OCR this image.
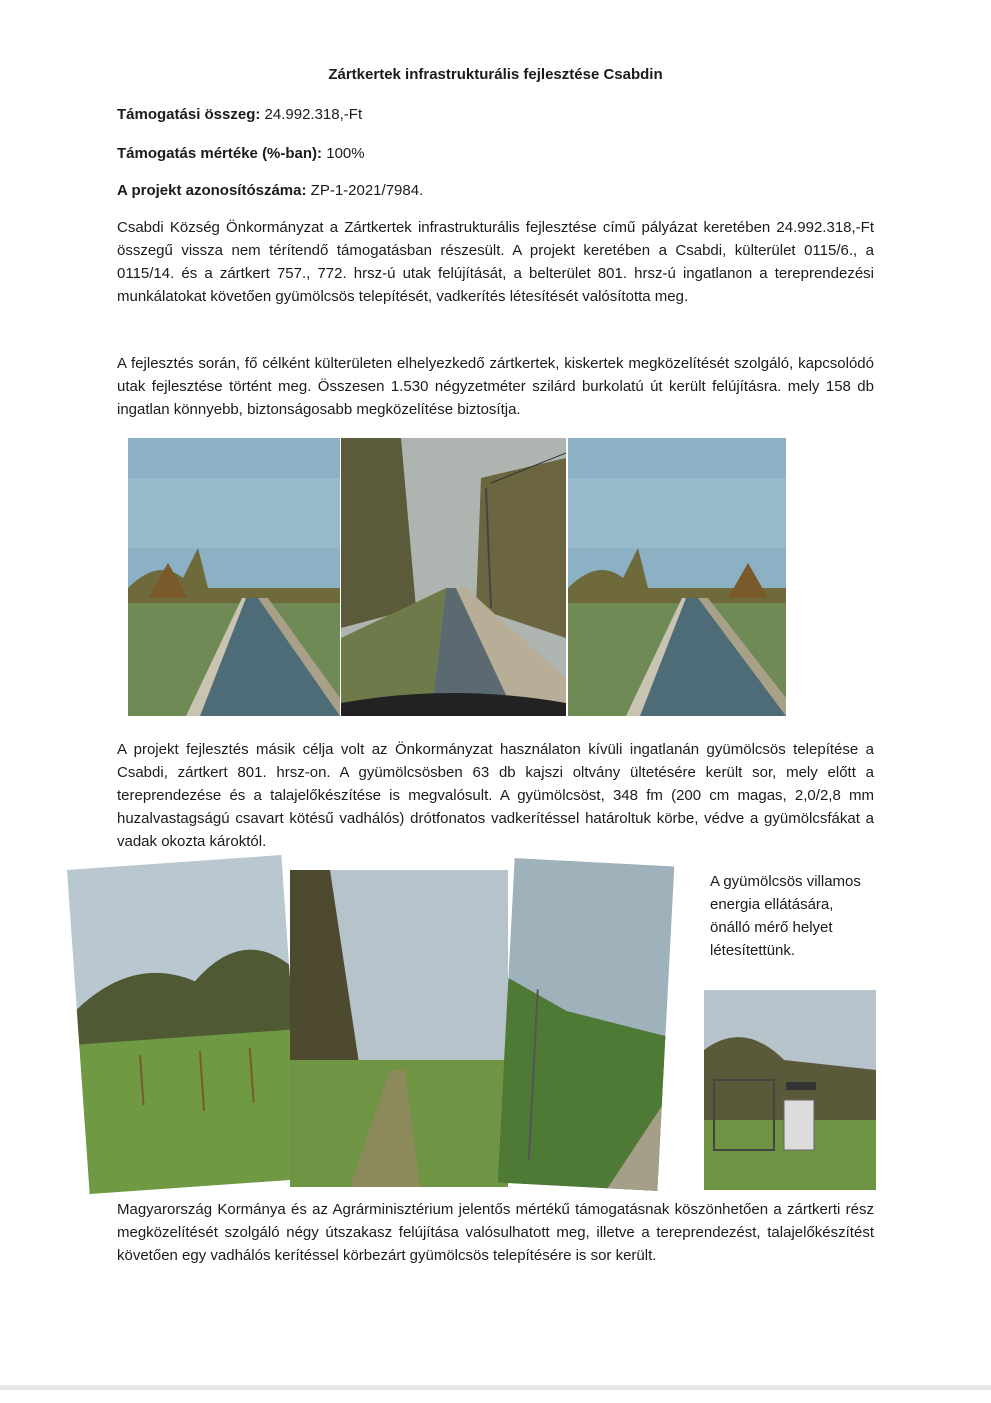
Zártkertek infrastrukturális fejlesztése Csabdin
Támogatási összeg: 24.992.318,-Ft
Támogatás mértéke (%-ban): 100%
A projekt azonosítószáma: ZP-1-2021/7984.

Csabdi Község Önkormányzat a Zártkertek infrastrukturális fejlesztése című pályázat keretében 24.992.318,-Ft összegű vissza nem térítendő támogatásban részesült. A projekt keretében a Csabdi, külterület 0115/6., a 0115/14. és a zártkert 757., 772. hrsz-ú utak felújítását, a belterület 801. hrsz-ú ingatlanon a tereprendezési munkálatokat követően gyümölcsös telepítését, vadkerítés létesítését valósította meg.

A fejlesztés során, fő célként külterületen elhelyezkedő zártkertek, kiskertek megközelítését szolgáló, kapcsolódó utak fejlesztése történt meg. Összesen 1.530 négyzetméter szilárd burkolatú út került felújításra. mely 158 db ingatlan könnyebb, biztonságosabb megközelítése biztosítja.

A projekt fejlesztés másik célja volt az Önkormányzat használaton kívüli ingatlanán gyümölcsös telepítése a Csabdi, zártkert 801. hrsz-on. A gyümölcsösben 63 db kajszi oltvány ültetésére került sor, mely előtt a tereprendezése és a talajelőkészítése is megvalósult. A gyümölcsöst, 348 fm (200 cm magas, 2,0/2,8 mm huzalvastagságú csavart kötésű vadhálós) drótfonatos vadkerítéssel határoltuk körbe, védve a gyümölcsfákat a vadak okozta károktól.

A gyümölcsös villamos energia ellátására, önálló mérő helyet létesítettünk.

Magyarország Kormánya és az Agrárminisztérium jelentős mértékű támogatásnak köszönhetően a zártkerti rész megközelítését szolgáló négy útszakasz felújítása valósulhatott meg, illetve a tereprendezést, talajelőkészítést követően egy vadhálós kerítéssel körbezárt gyümölcsös telepítésére is sor került.
